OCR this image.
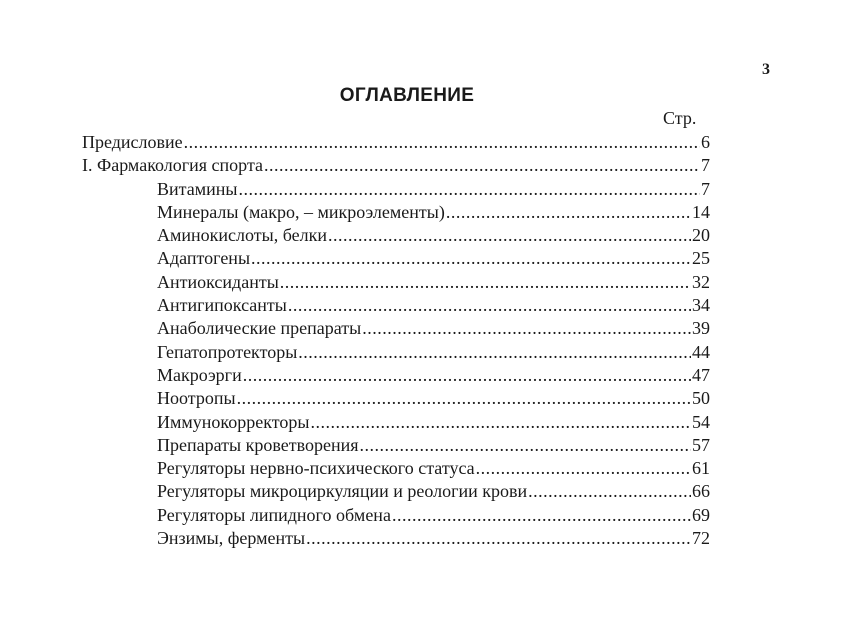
3
ОГЛАВЛЕНИЕ
Стр.
Предисловие .....	6
I. Фармакология спорта .....	7
Витамины .....	7
Минералы (макро, – микроэлементы) .....	14
Аминокислоты, белки .....	20
Адаптогены .....	25
Антиоксиданты .....	32
Антигипоксанты .....	34
Анаболические препараты .....	39
Гепатопротекторы .....	44
Макроэрги .....	47
Ноотропы .....	50
Иммунокорректоры .....	54
Препараты кроветворения .....	57
Регуляторы нервно-психического статуса .....	61
Регуляторы микроциркуляции и реологии крови .....	66
Регуляторы липидного обмена .....	69
Энзимы, ферменты .....	72
